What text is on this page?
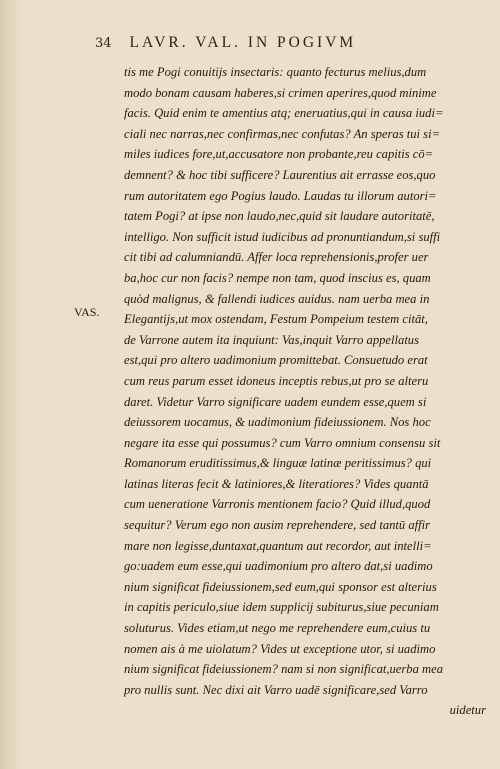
34 LAVR. VAL. IN POGIVM
VAS.
tis me Pogi conuitijs insectaris: quanto fecturus melius,dum
modo bonam causam haberes,si crimen aperires,quod minime
facis. Quid enim te amentius atq; eneruatius,qui in causa iudi=
ciali nec narras,nec confirmas,nec confutas? An speras tui si=
miles iudices fore,ut,accusatore non probante,reu capitis cō=
demnent? & hoc tibi sufficere? Laurentius ait errasse eos,quo
rum autoritatem ego Pogius laudo. Laudas tu illorum autori=
tatem Pogi? at ipse non laudo,nec,quid sit laudare autoritatē,
intelligo. Non sufficit istud iudicibus ad pronuntiandum,si suffi
cit tibi ad calumniandū. Affer loca reprehensionis,profer uer
ba,hoc cur non facis? nempe non tam, quod inscius es, quam
quòd malignus, & fallendi iudices auidus. nam uerba mea in
Elegantijs,ut mox ostendam, Festum Pompeium testem citāt,
de Varrone autem ita inquiunt: Vas,inquit Varro appellatus
est,qui pro altero uadimonium promittebat. Consuetudo erat
cum reus parum esset idoneus inceptis rebus,ut pro se alteru
daret. Videtur Varro significare uadem eundem esse,quem si
deiussorem uocamus, & uadimonium fideiussionem. Nos hoc
negare ita esse qui possumus? cum Varro omnium consensu sit
Romanorum eruditissimus,& linguæ latinæ peritissimus? qui
latinas literas fecit & latiniores,& literatiores? Vides quantā
cum ueneratione Varronis mentionem facio? Quid illud,quod
sequitur? Verum ego non ausim reprehendere, sed tantū affir
mare non legisse,duntaxat,quantum aut recordor, aut intelli=
go:uadem eum esse,qui uadimonium pro altero dat,si uadimo
nium significat fideiussionem,sed eum,qui sponsor est alterius
in capitis periculo,siue idem supplicij subiturus,siue pecuniam
soluturus. Vides etiam,ut nego me reprehendere eum,cuius tu
nomen ais à me uiolatum? Vides ut exceptione utor, si uadimo
nium significat fideiussionem? nam si non significat,uerba mea
pro nullis sunt. Nec dixi ait Varro uadē significare,sed Varro
uidetur
